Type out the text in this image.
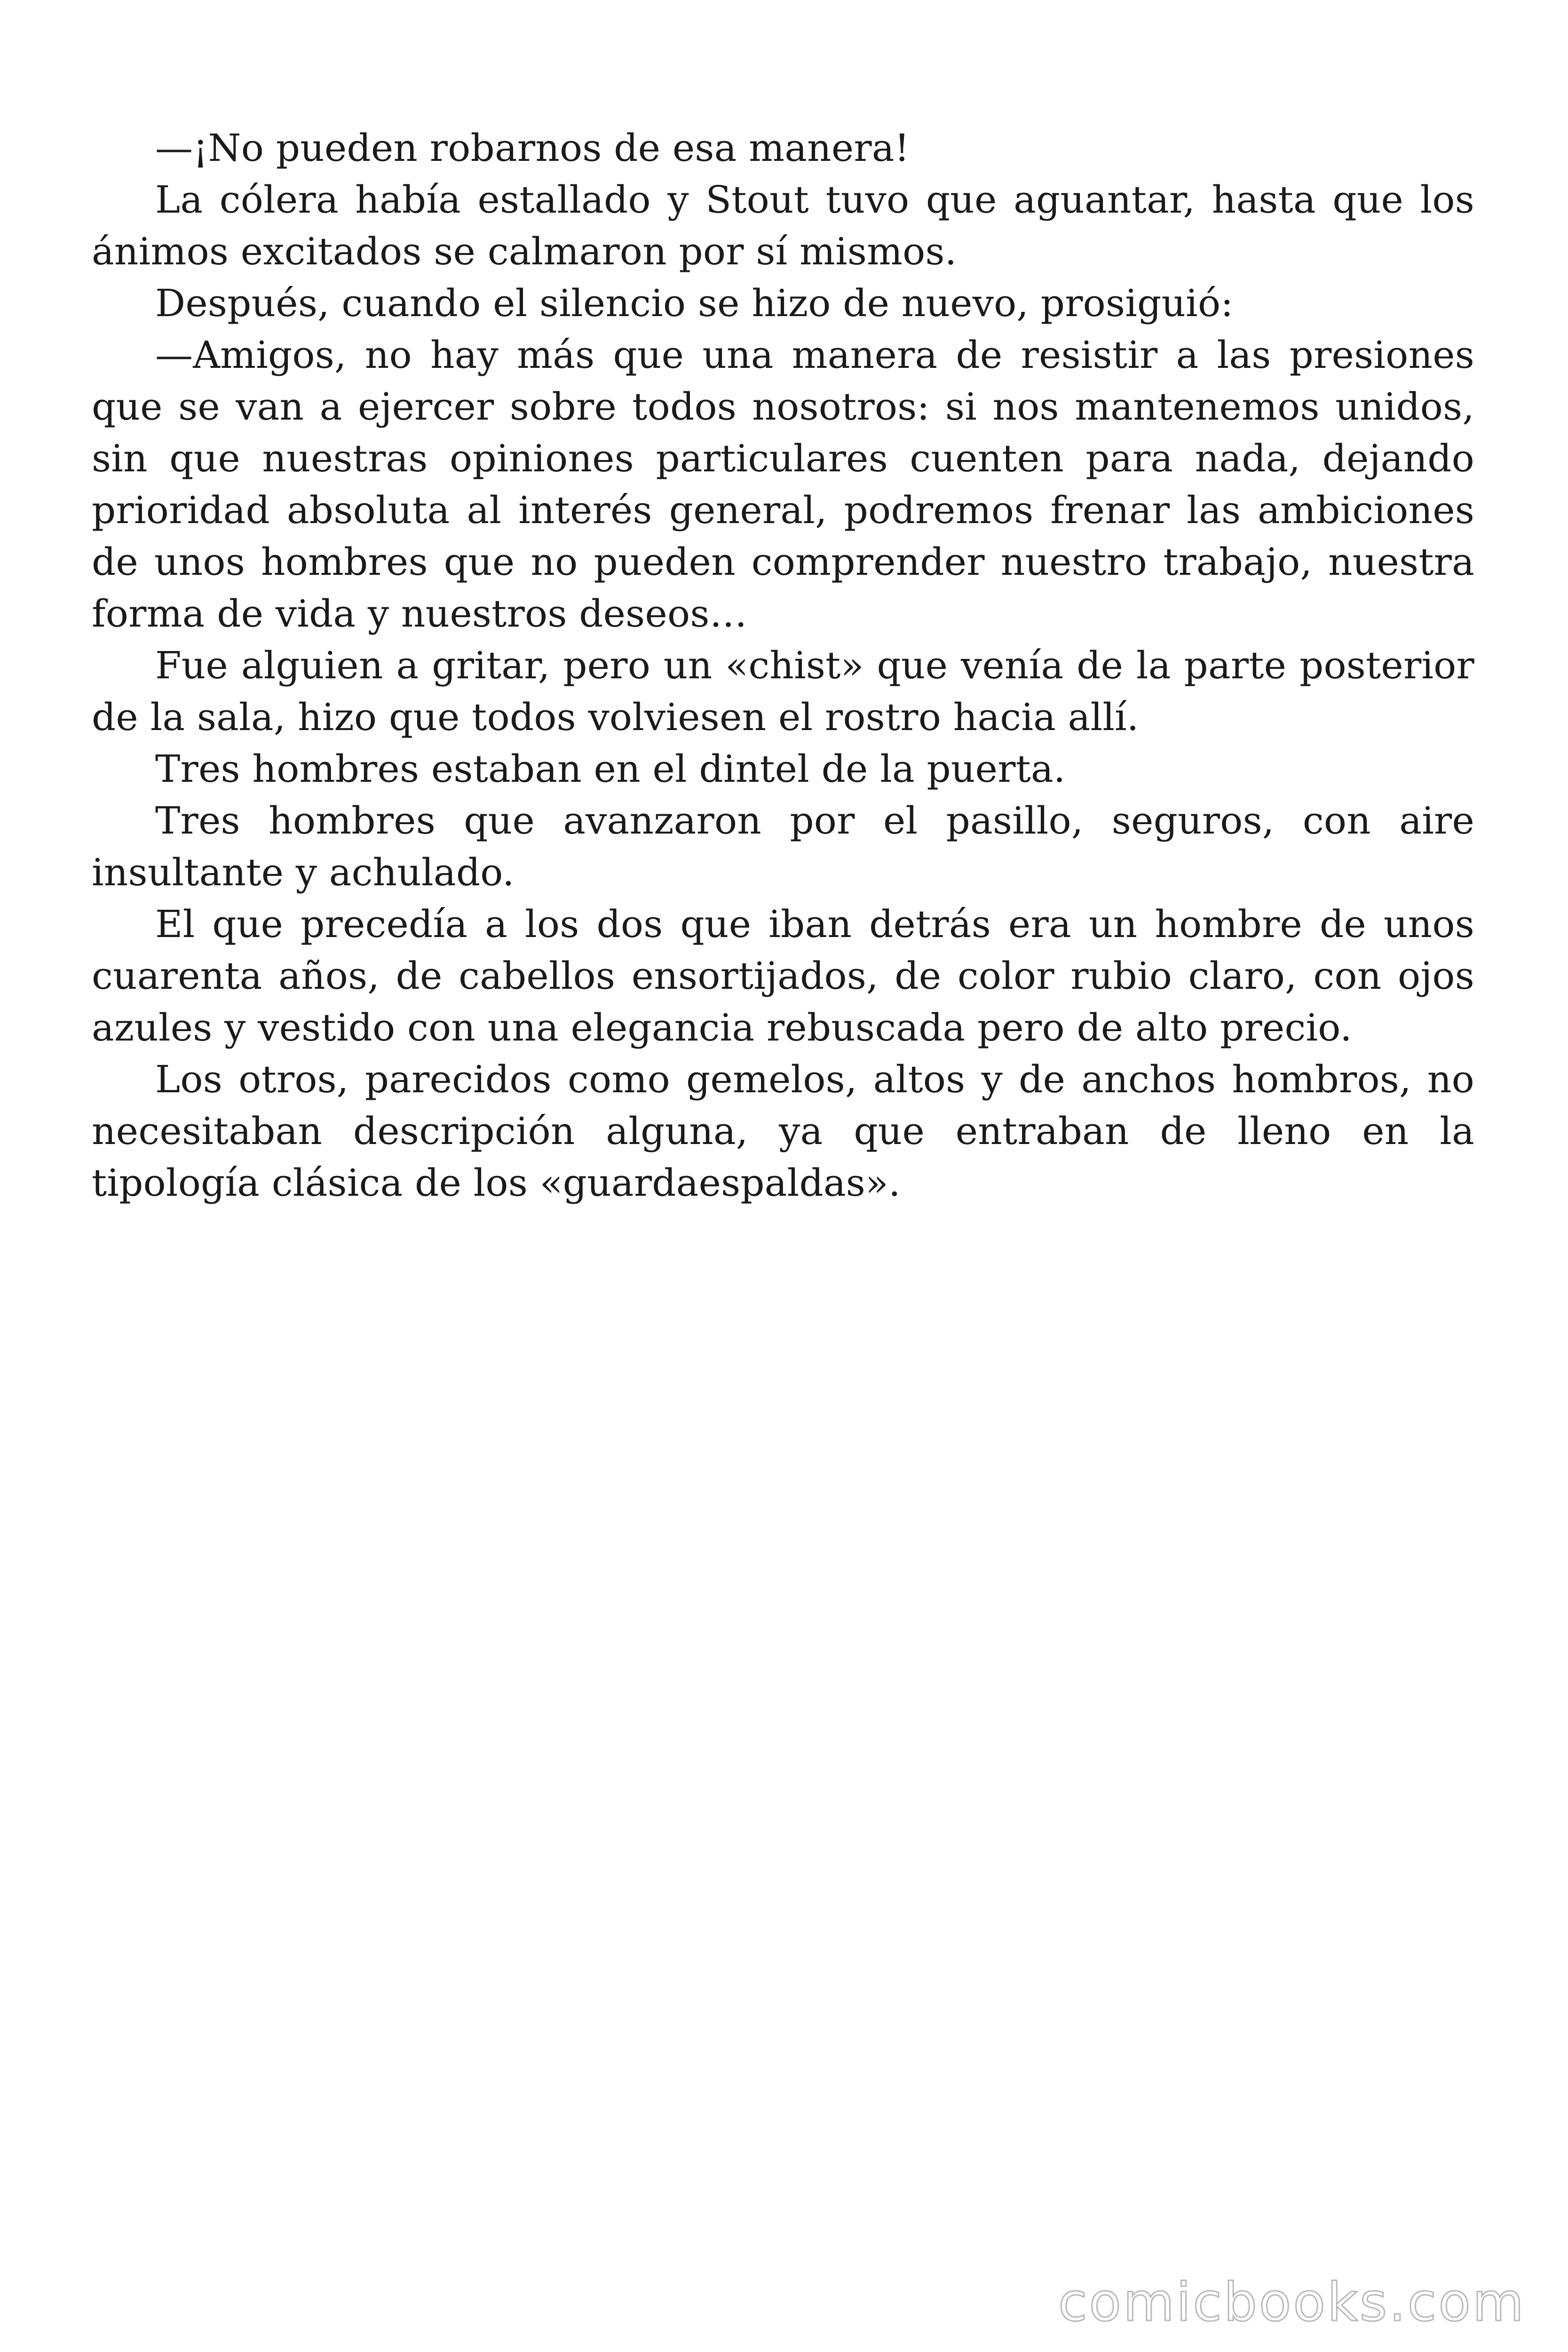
—¡No pueden robarnos de esa manera!

La cólera había estallado y Stout tuvo que aguantar, hasta que los ánimos excitados se calmaron por sí mismos.

Después, cuando el silencio se hizo de nuevo, prosiguió:

—Amigos, no hay más que una manera de resistir a las presiones que se van a ejercer sobre todos nosotros: si nos mantenemos unidos, sin que nuestras opiniones particulares cuenten para nada, dejando prioridad absoluta al interés general, podremos frenar las ambiciones de unos hombres que no pueden comprender nuestro trabajo, nuestra forma de vida y nuestros deseos…

Fue alguien a gritar, pero un «chist» que venía de la parte posterior de la sala, hizo que todos volviesen el rostro hacia allí.

Tres hombres estaban en el dintel de la puerta.

Tres hombres que avanzaron por el pasillo, seguros, con aire insultante y achulado.

El que precedía a los dos que iban detrás era un hombre de unos cuarenta años, de cabellos ensortijados, de color rubio claro, con ojos azules y vestido con una elegancia rebuscada pero de alto precio.

Los otros, parecidos como gemelos, altos y de anchos hombros, no necesitaban descripción alguna, ya que entraban de lleno en la tipología clásica de los «guardaespaldas».

comicbooks.com
